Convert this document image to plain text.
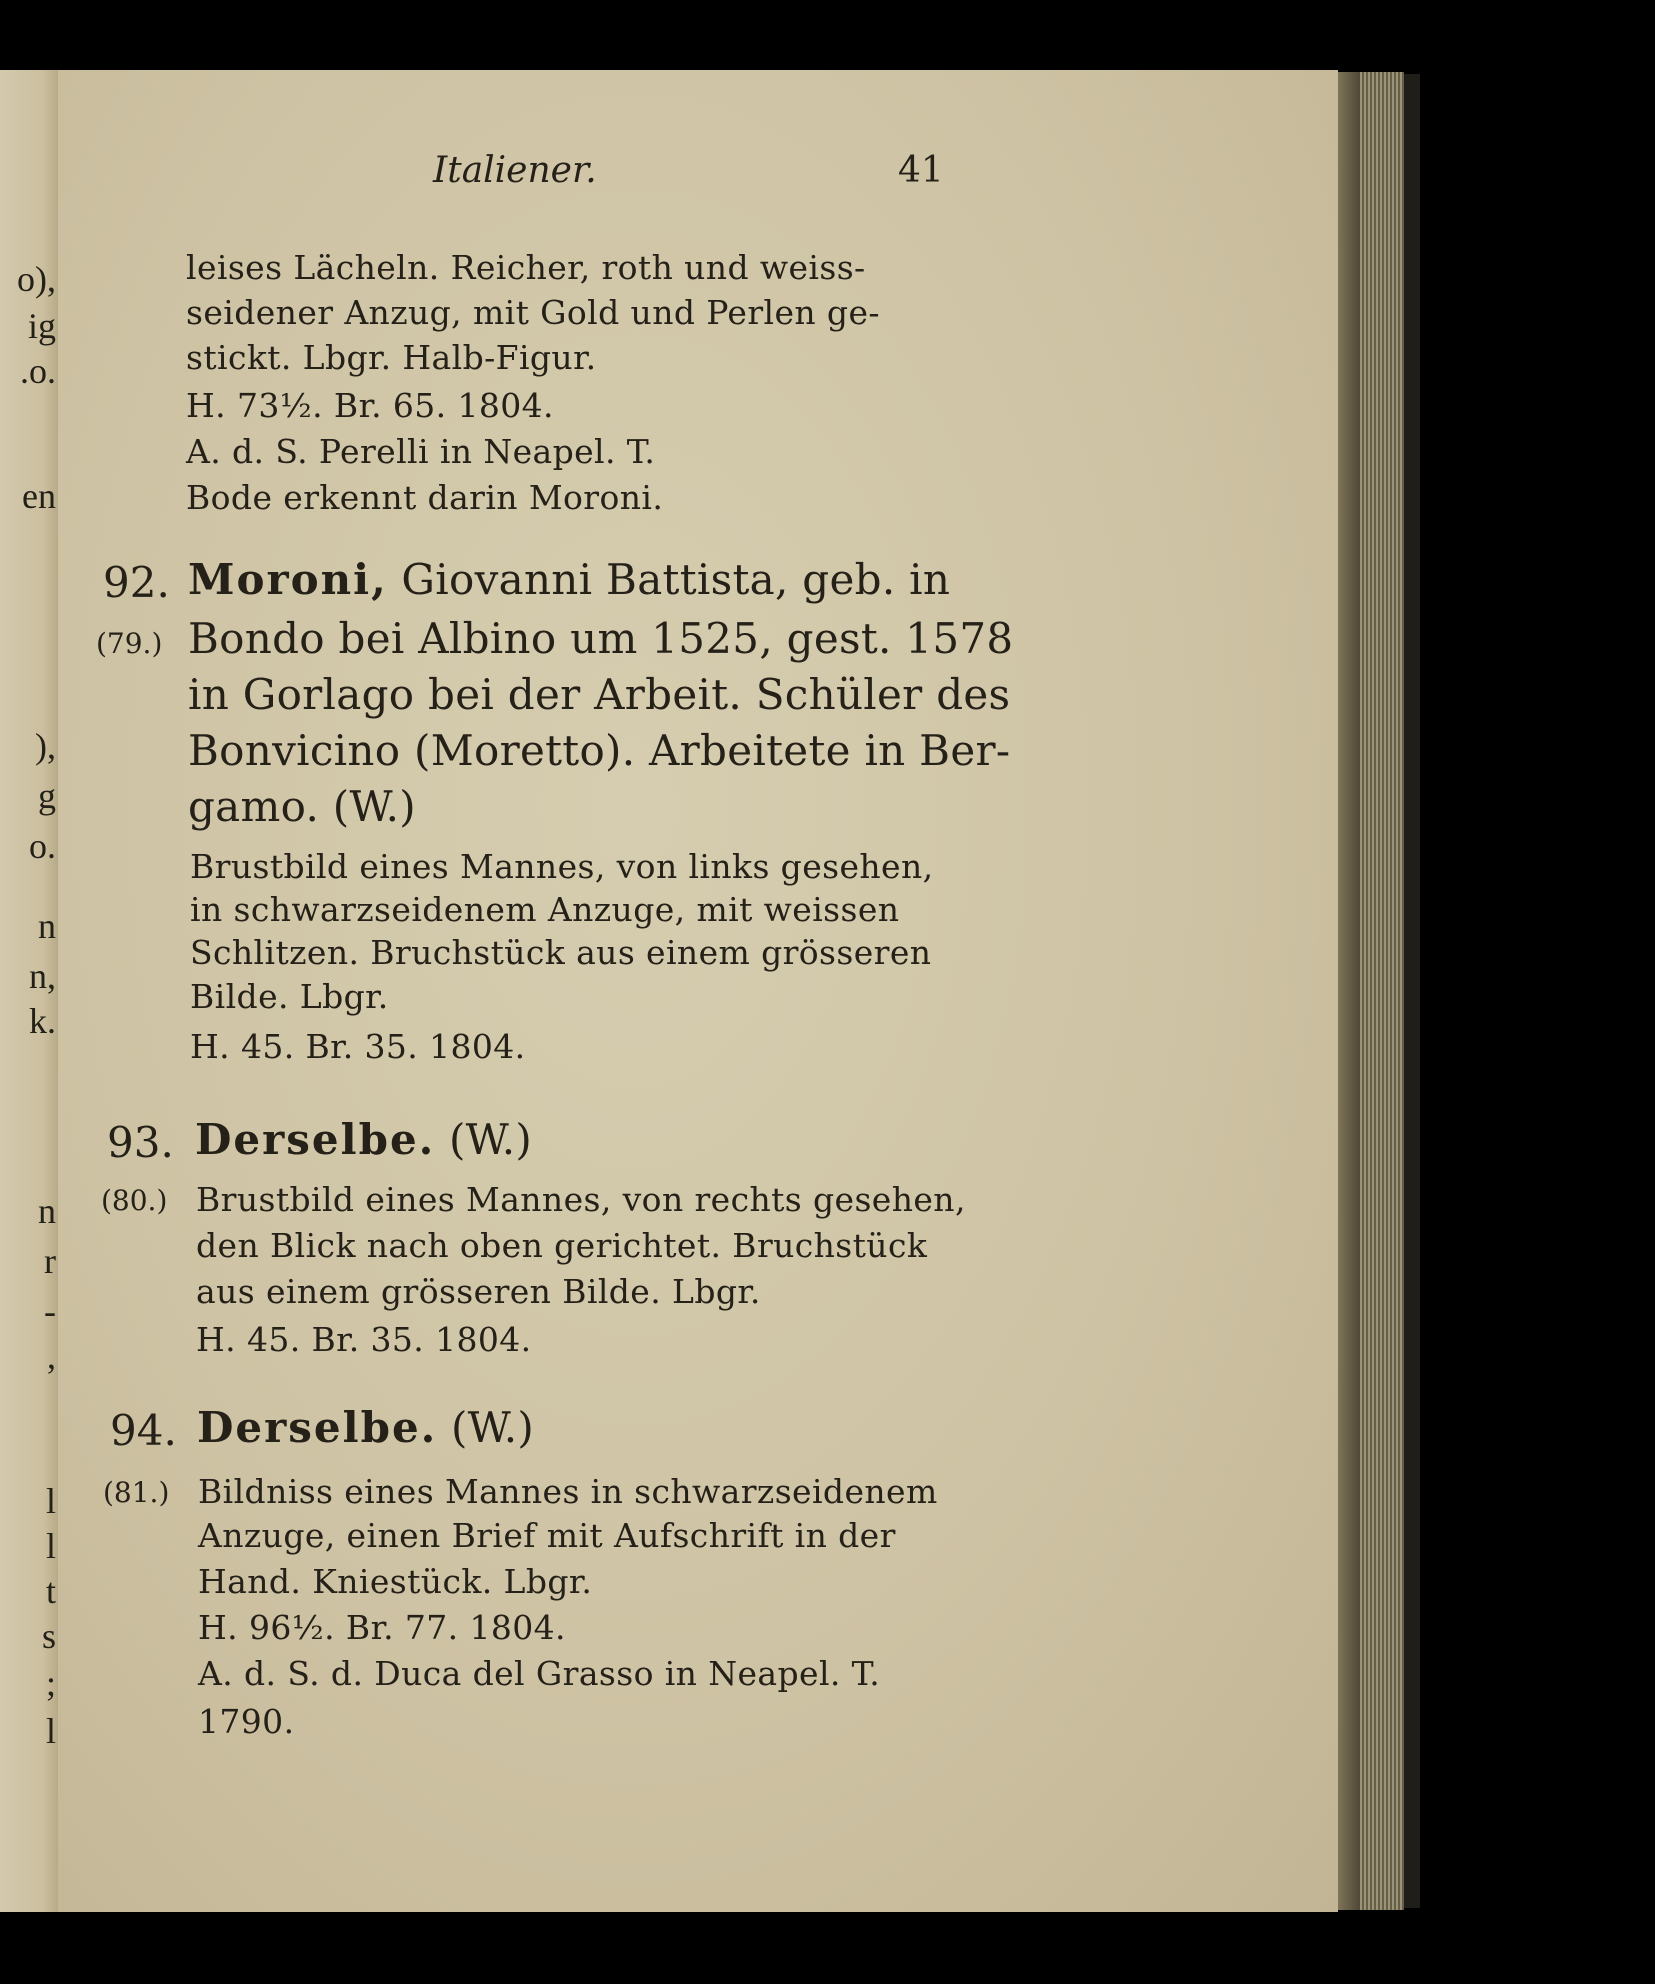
o),
ig
.o.
en
),
g
o.
n
n,
k.
n
r
-
,
l
l
t
s
;
l
Italiener.	41
leises Lächeln. Reicher, roth und weiss-
seidener Anzug, mit Gold und Perlen ge-
stickt. Lbgr. Halb-Figur.
H. 73½. Br. 65. 1804.
A. d. S. Perelli in Neapel. T.
Bode erkennt darin Moroni.
92.
(79.)
Moroni, Giovanni Battista, geb. in
Bondo bei Albino um 1525, gest. 1578
in Gorlago bei der Arbeit. Schüler des
Bonvicino (Moretto). Arbeitete in Ber-
gamo. (W.)
Brustbild eines Mannes, von links gesehen,
in schwarzseidenem Anzuge, mit weissen
Schlitzen. Bruchstück aus einem grösseren
Bilde. Lbgr.
H. 45. Br. 35. 1804.
93.
(80.)
Derselbe. (W.)
Brustbild eines Mannes, von rechts gesehen,
den Blick nach oben gerichtet. Bruchstück
aus einem grösseren Bilde. Lbgr.
H. 45. Br. 35. 1804.
94.
(81.)
Derselbe. (W.)
Bildniss eines Mannes in schwarzseidenem
Anzuge, einen Brief mit Aufschrift in der
Hand. Kniestück. Lbgr.
H. 96½. Br. 77. 1804.
A. d. S. d. Duca del Grasso in Neapel. T.
1790.
